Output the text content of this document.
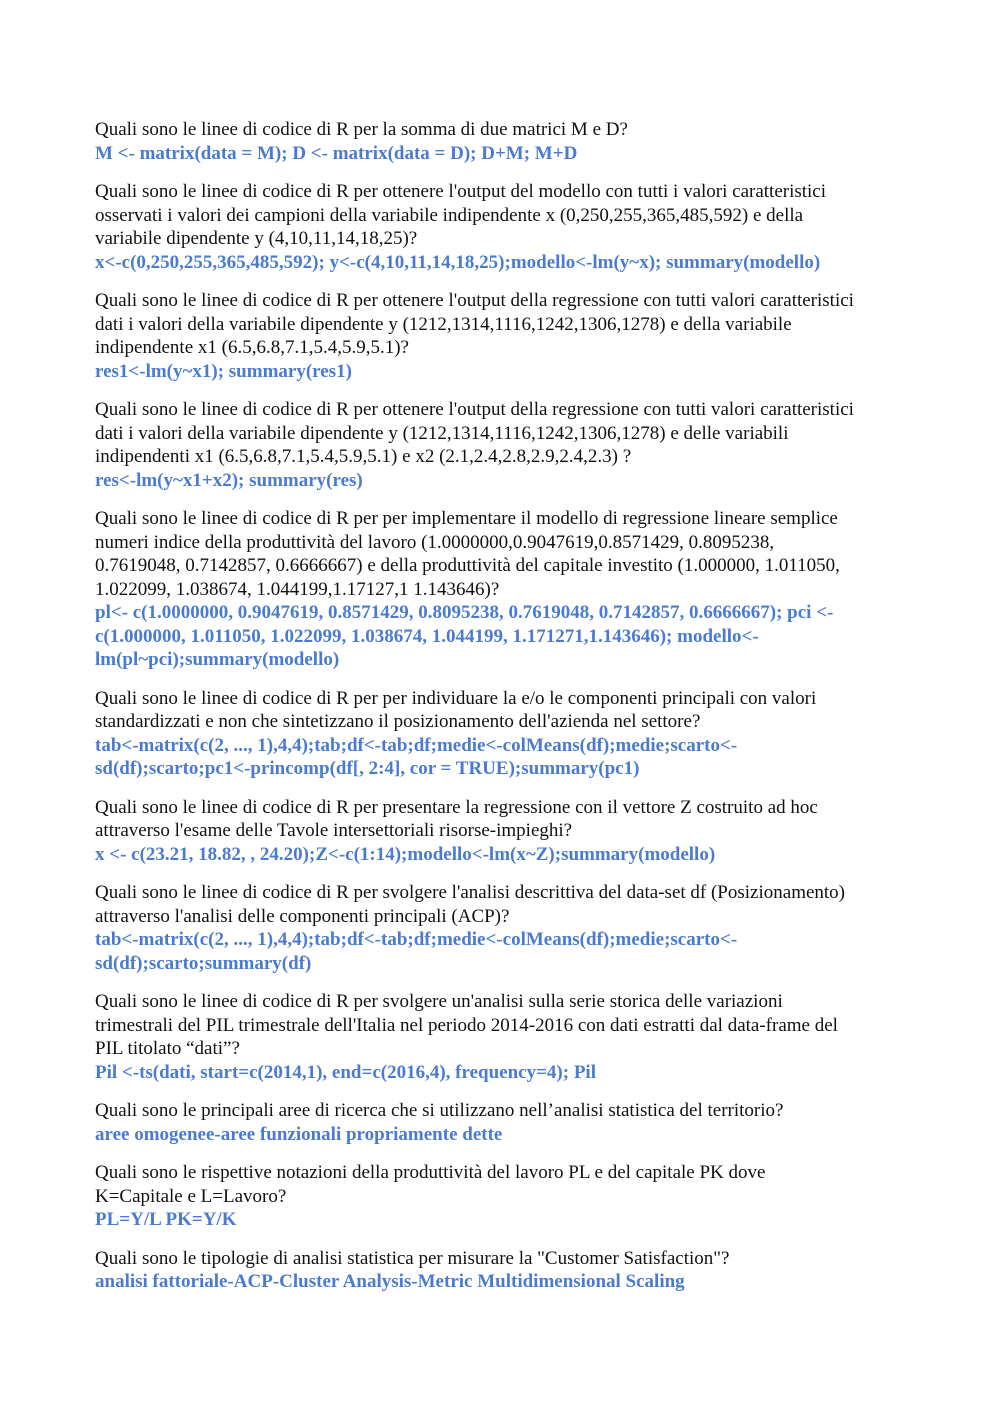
Quali sono le linee di codice di R per la somma di due matrici M e D?

M <- matrix(data = M); D <- matrix(data = D); D+M; M+D

Quali sono le linee di codice di R per ottenere l'output del modello con tutti i valori caratteristici
osservati i valori dei campioni della variabile indipendente x (0,250,255,365,485,592) e della
variabile dipendente y (4,10,11,14,18,25)?

x<-c(0,250,255,365,485,592); y<-c(4,10,11,14,18,25);modello<-lm(y~x); summary(modello)

Quali sono le linee di codice di R per ottenere l'output della regressione con tutti valori caratteristici
dati i valori della variabile dipendente y (1212,1314,1116,1242,1306,1278) e della variabile
indipendente x1 (6.5,6.8,7.1,5.4,5.9,5.1)?

res1<-lm(y~x1); summary(res1)

Quali sono le linee di codice di R per ottenere l'output della regressione con tutti valori caratteristici
dati i valori della variabile dipendente y (1212,1314,1116,1242,1306,1278) e delle variabili
indipendenti x1 (6.5,6.8,7.1,5.4,5.9,5.1) e x2 (2.1,2.4,2.8,2.9,2.4,2.3) ?

res<-lm(y~x1+x2); summary(res)

Quali sono le linee di codice di R per per implementare il modello di regressione lineare semplice
numeri indice della produttività del lavoro (1.0000000,0.9047619,0.8571429, 0.8095238,
0.7619048, 0.7142857, 0.6666667) e della produttività del capitale investito (1.000000, 1.011050,
1.022099, 1.038674, 1.044199,1.17127,1 1.143646)?

pl<- c(1.0000000, 0.9047619, 0.8571429, 0.8095238, 0.7619048, 0.7142857, 0.6666667); pci <-
c(1.000000, 1.011050, 1.022099, 1.038674, 1.044199, 1.171271,1.143646); modello<-
lm(pl~pci);summary(modello)

Quali sono le linee di codice di R per per individuare la e/o le componenti principali con valori
standardizzati e non che sintetizzano il posizionamento dell'azienda nel settore?

tab<-matrix(c(2, ..., 1),4,4);tab;df<-tab;df;medie<-colMeans(df);medie;scarto<-
sd(df);scarto;pc1<-princomp(df[, 2:4], cor = TRUE);summary(pc1)

Quali sono le linee di codice di R per presentare la regressione con il vettore Z costruito ad hoc
attraverso l'esame delle Tavole intersettoriali risorse-impieghi?

x <- c(23.21, 18.82, , 24.20);Z<-c(1:14);modello<-lm(x~Z);summary(modello)

Quali sono le linee di codice di R per svolgere l'analisi descrittiva del data-set df (Posizionamento)
attraverso l'analisi delle componenti principali (ACP)?

tab<-matrix(c(2, ..., 1),4,4);tab;df<-tab;df;medie<-colMeans(df);medie;scarto<-
sd(df);scarto;summary(df)

Quali sono le linee di codice di R per svolgere un'analisi sulla serie storica delle variazioni
trimestrali del PIL trimestrale dell'Italia nel periodo 2014-2016 con dati estratti dal data-frame del
PIL titolato “dati”?

Pil <-ts(dati, start=c(2014,1), end=c(2016,4), frequency=4); Pil

Quali sono le principali aree di ricerca che si utilizzano nell’analisi statistica del territorio?

aree omogenee-aree funzionali propriamente dette

Quali sono le rispettive notazioni della produttività del lavoro PL e del capitale PK dove
K=Capitale e L=Lavoro?

PL=Y/L PK=Y/K

Quali sono le tipologie di analisi statistica per misurare la "Customer Satisfaction"?

analisi fattoriale-ACP-Cluster Analysis-Metric Multidimensional Scaling
